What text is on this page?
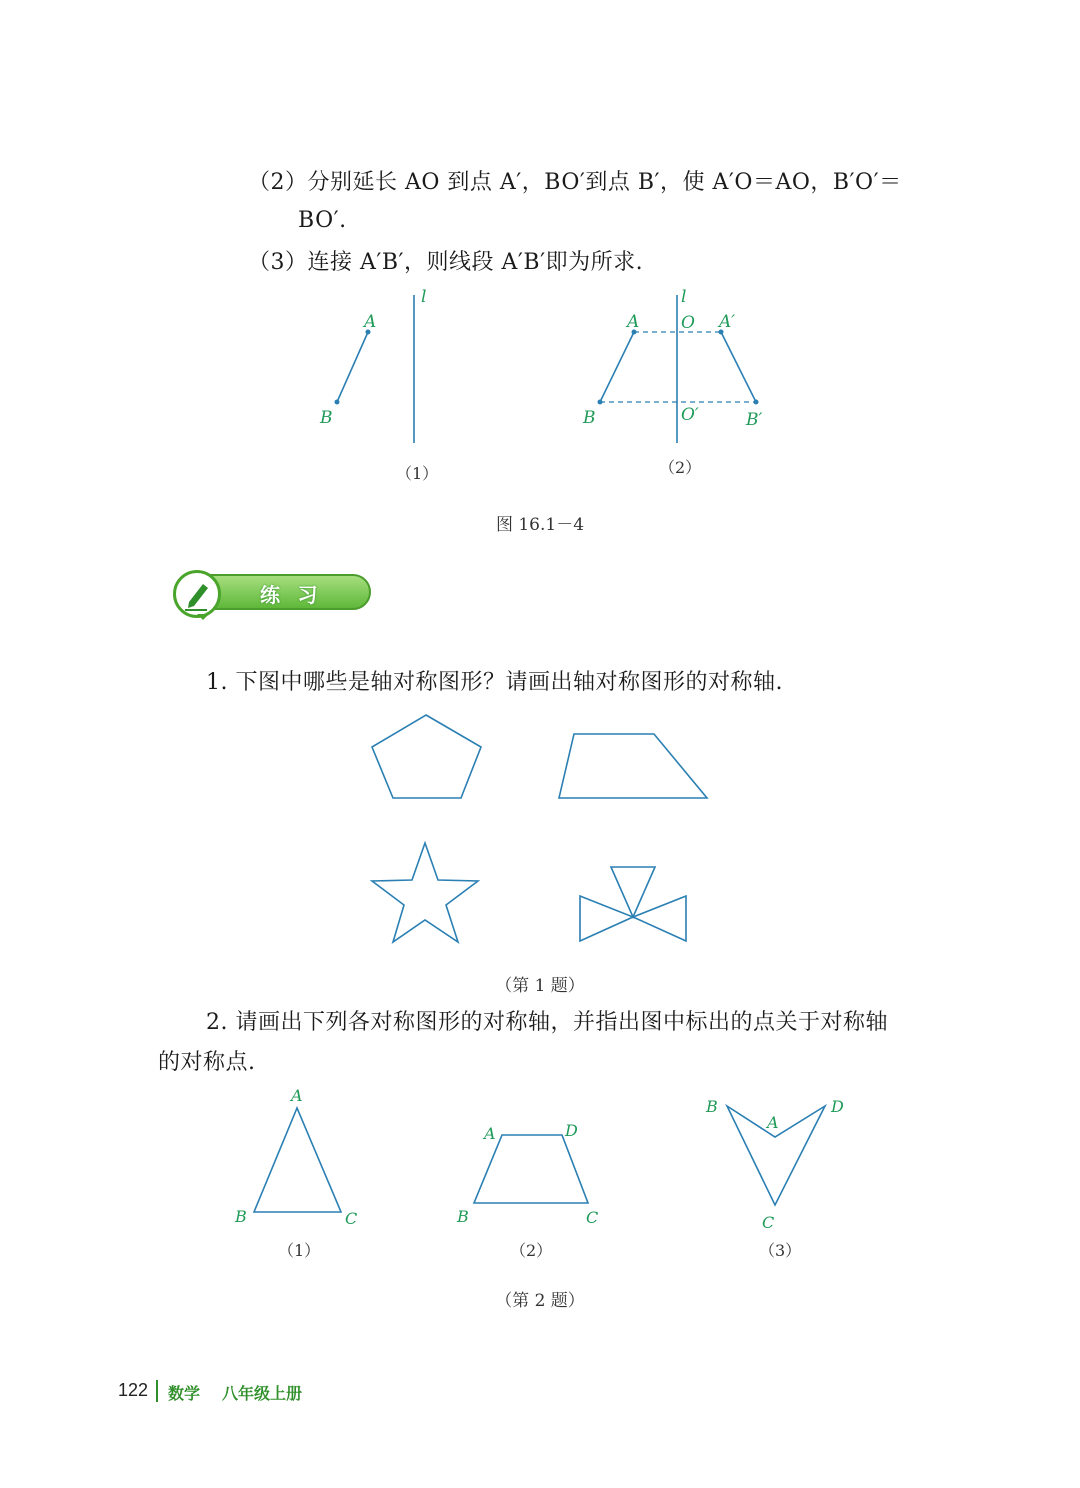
（2）分别延长 AO 到点 A′，BO′到点 B′，使 A′O＝AO，B′O′＝
BO′.
（3）连接 A′B′，则线段 A′B′即为所求.
l
A
B
l
A O A′
B	O′	B′
（1）	（2）
图 16.1－4
练 习
1. 下图中哪些是轴对称图形？请画出轴对称图形的对称轴.
（第 1 题）
2. 请画出下列各对称图形的对称轴，并指出图中标出的点关于对称轴
的对称点.
A
B	C
A	D
B	C
B
A
D
C
（1）	（2）	（3）
（第 2 题）
122 数学 八年级上册
